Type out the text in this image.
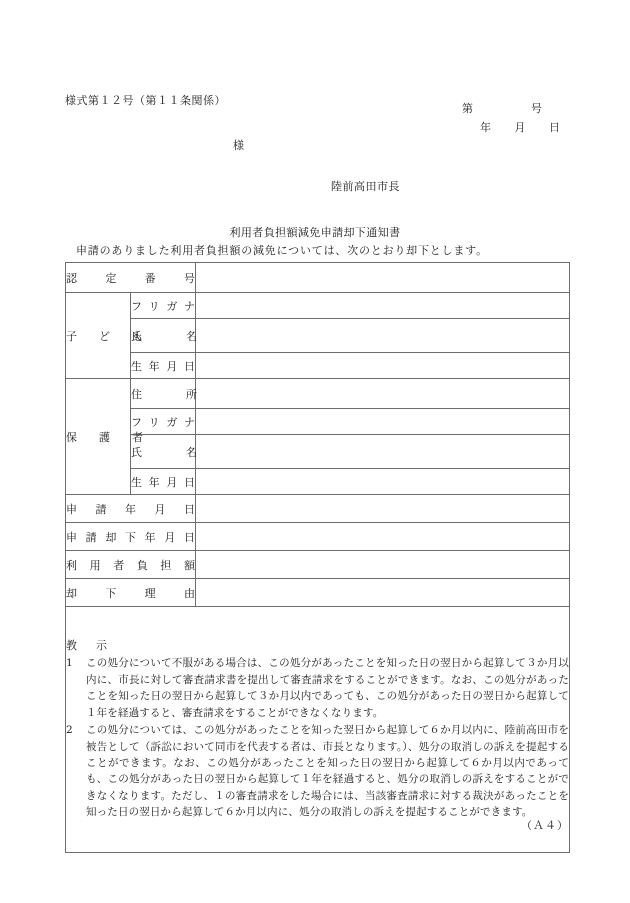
様式第１２号（第１１条関係）
第　　　　　号
年　　月　　日
様
陸前高田市長
利用者負担額減免申請却下通知書
申請のありました利用者負担額の減免については、次のとおり却下とします。
認　　定　　番　　号		
子　　ど　　も	フ リ ガ ナ	
	氏　　　　名	
	生 年 月 日	
保　　護　　者	住　　　　所	
	フ リ ガ ナ	
	氏　　　　名	
	生 年 月 日	
申　請　年　月　日		
申 請 却 下 年 月 日		
利 用 者 負 担 額		
却　　下　　理　　由		

教　示
1 この処分について不服がある場合は、この処分があったことを知った日の翌日から起算して３か月以内に、市長に対して審査請求書を提出して審査請求をすることができます。なお、この処分があったことを知った日の翌日から起算して３か月以内であっても、この処分があった日の翌日から起算して１年を経過すると、審査請求をすることができなくなります。
2 この処分については、この処分があったことを知った翌日から起算して６か月以内に、陸前高田市を被告として（訴訟において同市を代表する者は、市長となります。）、処分の取消しの訴えを提起することができます。なお、この処分があったことを知った日の翌日から起算して６か月以内であっても、この処分があった日の翌日から起算して１年を経過すると、処分の取消しの訴えをすることができなくなります。ただし、１の審査請求をした場合には、当該審査請求に対する裁決があったことを知った日の翌日から起算して６か月以内に、処分の取消しの訴えを提起することができます。		
（Ａ４）
